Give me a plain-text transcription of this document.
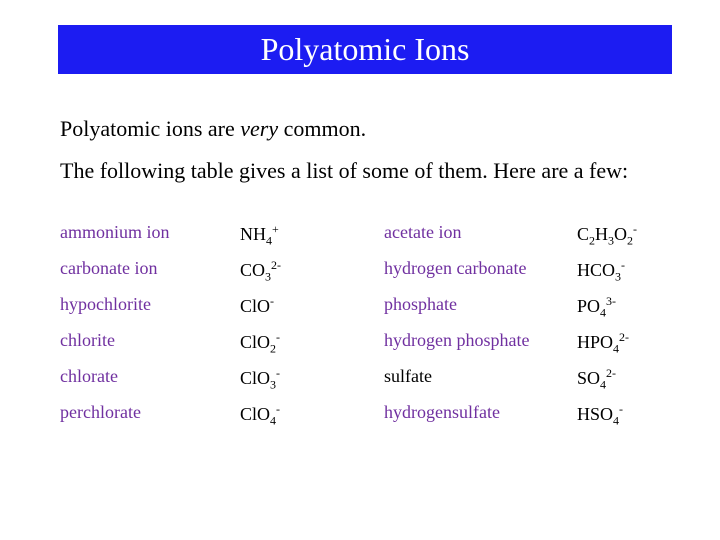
Polyatomic Ions
Polyatomic ions are very common.
The following table gives a list of some of them. Here are a few:
ammonium ion	$NH_4^+$	acetate ion	$C_2H_3O_2^-$
carbonate ion	$CO_3^{2-}$	hydrogen carbonate	$HCO_3^-$
hypochlorite	ClO-	phosphate	$PO_4^{3-}$
chlorite	ClO$_2$-	hydrogen phosphate	$HPO_4^{2-}$
chlorate	ClO$_3$-	sulfate	$SO_4^{2-}$
perchlorate	ClO$_4$-	hydrogensulfate	$HSO_4^-$
